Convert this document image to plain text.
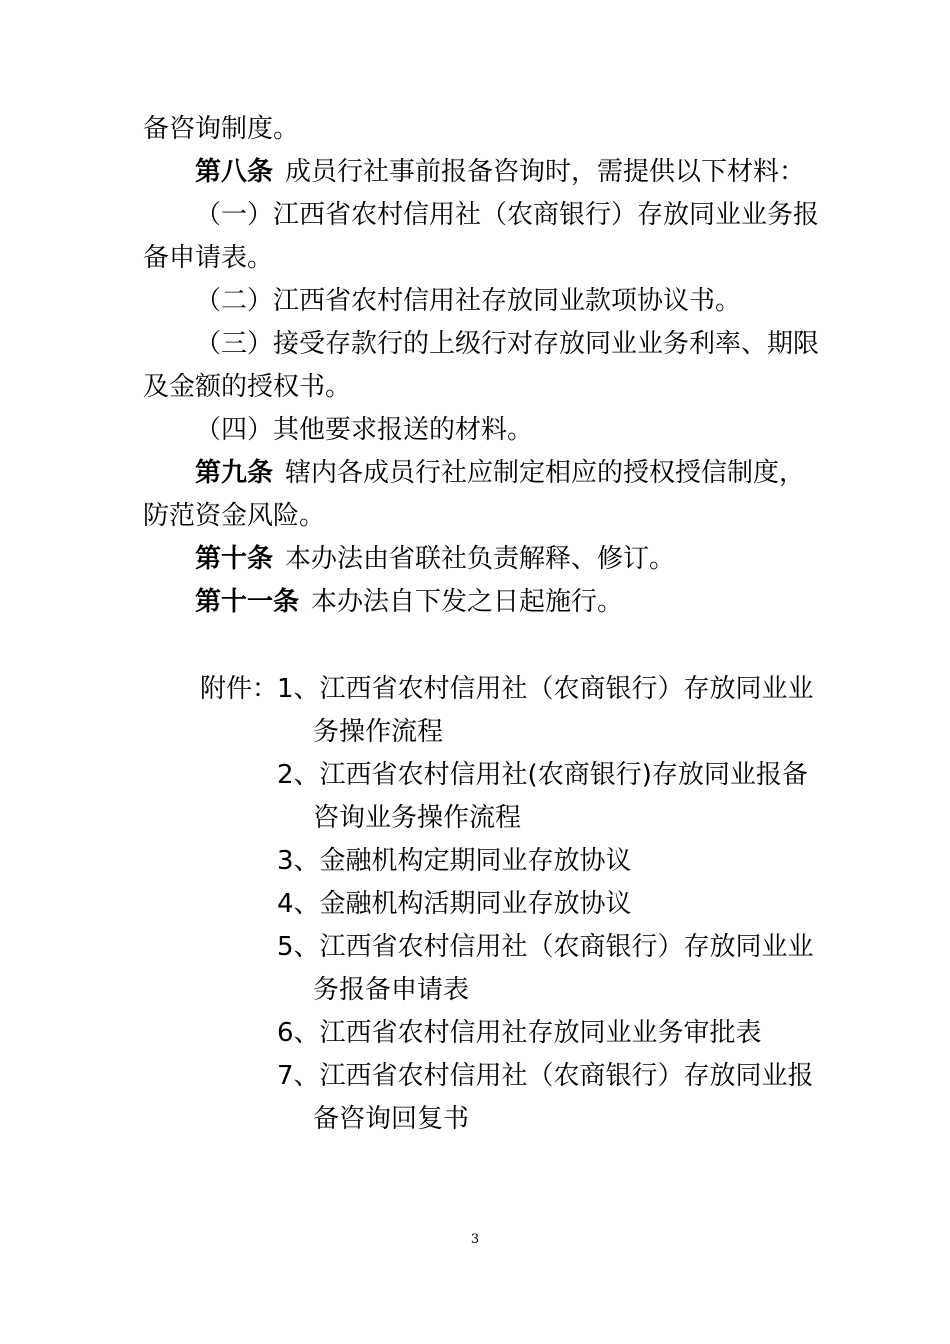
备咨询制度。
第八条 成员行社事前报备咨询时，需提供以下材料：
（一）江西省农村信用社（农商银行）存放同业业务报
备申请表。
（二）江西省农村信用社存放同业款项协议书。
（三）接受存款行的上级行对存放同业业务利率、期限
及金额的授权书。
（四）其他要求报送的材料。
第九条 辖内各成员行社应制定相应的授权授信制度，
防范资金风险。
第十条 本办法由省联社负责解释、修订。
第十一条 本办法自下发之日起施行。
附件：
1、江西省农村信用社（农商银行）存放同业业
务操作流程
2、江西省农村信用社(农商银行)存放同业报备
咨询业务操作流程
3、金融机构定期同业存放协议
4、金融机构活期同业存放协议
5、江西省农村信用社（农商银行）存放同业业
务报备申请表
6、江西省农村信用社存放同业业务审批表
7、江西省农村信用社（农商银行）存放同业报
备咨询回复书
3
